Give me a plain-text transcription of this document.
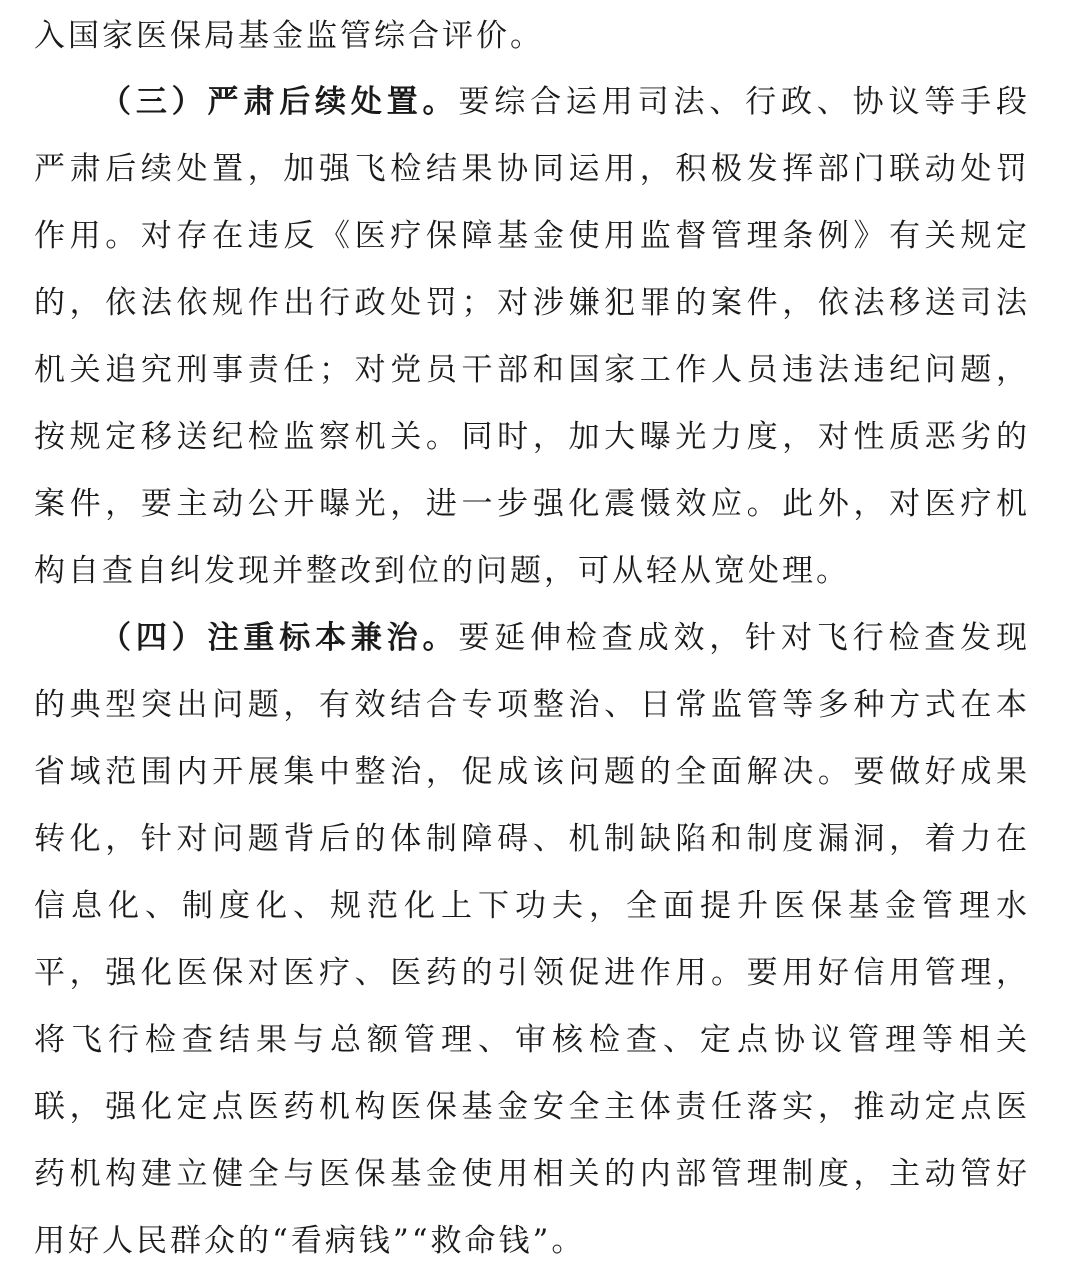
入国家医保局基金监管综合评价。
（三）严肃后续处置。要综合运用司法、行政、协议等手段
严肃后续处置，加强飞检结果协同运用，积极发挥部门联动处罚
作用。对存在违反《医疗保障基金使用监督管理条例》有关规定
的，依法依规作出行政处罚；对涉嫌犯罪的案件，依法移送司法
机关追究刑事责任；对党员干部和国家工作人员违法违纪问题，
按规定移送纪检监察机关。同时，加大曝光力度，对性质恶劣的
案件，要主动公开曝光，进一步强化震慑效应。此外，对医疗机
构自查自纠发现并整改到位的问题，可从轻从宽处理。
（四）注重标本兼治。要延伸检查成效，针对飞行检查发现
的典型突出问题，有效结合专项整治、日常监管等多种方式在本
省域范围内开展集中整治，促成该问题的全面解决。要做好成果
转化，针对问题背后的体制障碍、机制缺陷和制度漏洞，着力在
信息化、制度化、规范化上下功夫，全面提升医保基金管理水
平，强化医保对医疗、医药的引领促进作用。要用好信用管理，
将飞行检查结果与总额管理、审核检查、定点协议管理等相关
联，强化定点医药机构医保基金安全主体责任落实，推动定点医
药机构建立健全与医保基金使用相关的内部管理制度，主动管好
用好人民群众的“看病钱”“救命钱”。
